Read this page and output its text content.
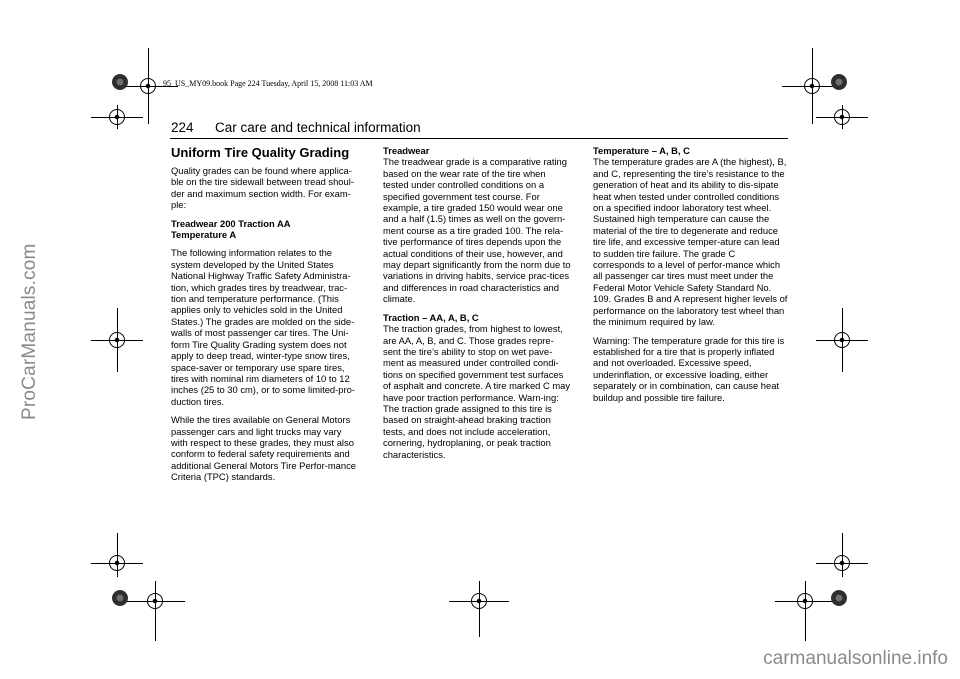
95_US_MY09.book Page 224 Tuesday, April 15, 2008 11:03 AM
ProCarManuals.com
carmanualsonline.info
224 Car care and technical information
Uniform Tire Quality Grading

Quality grades can be found where applica-ble on the tire sidewall between tread shoul-der and maximum section width. For exam-ple:

Treadwear 200 Traction AA
Temperature A

The following information relates to the system developed by the United States National Highway Traffic Safety Administra-tion, which grades tires by treadwear, trac-tion and temperature performance. (This applies only to vehicles sold in the United States.) The grades are molded on the side-walls of most passenger car tires. The Uni-form Tire Quality Grading system does not apply to deep tread, winter-type snow tires, space-saver or temporary use spare tires, tires with nominal rim diameters of 10 to 12 inches (25 to 30 cm), or to some limited-pro-duction tires.

While the tires available on General Motors passenger cars and light trucks may vary with respect to these grades, they must also conform to federal safety requirements and additional General Motors Tire Perfor-mance Criteria (TPC) standards.

Treadwear

The treadwear grade is a comparative rating based on the wear rate of the tire when tested under controlled conditions on a specified government test course. For example, a tire graded 150 would wear one and a half (1.5) times as well on the govern-ment course as a tire graded 100. The rela-tive performance of tires depends upon the actual conditions of their use, however, and may depart significantly from the norm due to variations in driving habits, service prac-tices and differences in road characteristics and climate.

Traction – AA, A, B, C

The traction grades, from highest to lowest, are AA, A, B, and C. Those grades repre-sent the tire’s ability to stop on wet pave-ment as measured under controlled condi-tions on specified government test surfaces of asphalt and concrete. A tire marked C may have poor traction performance. Warn-ing: The traction grade assigned to this tire is based on straight-ahead braking traction tests, and does not include acceleration, cornering, hydroplaning, or peak traction characteristics.

Temperature – A, B, C

The temperature grades are A (the highest), B, and C, representing the tire’s resistance to the generation of heat and its ability to dis-sipate heat when tested under controlled conditions on a specified indoor laboratory test wheel. Sustained high temperature can cause the material of the tire to degenerate and reduce tire life, and excessive temper-ature can lead to sudden tire failure. The grade C corresponds to a level of perfor-mance which all passenger car tires must meet under the Federal Motor Vehicle Safety Standard No. 109. Grades B and A represent higher levels of performance on the laboratory test wheel than the minimum required by law.

Warning: The temperature grade for this tire is established for a tire that is properly inflated and not overloaded. Excessive speed, underinflation, or excessive loading, either separately or in combination, can cause heat buildup and possible tire failure.
